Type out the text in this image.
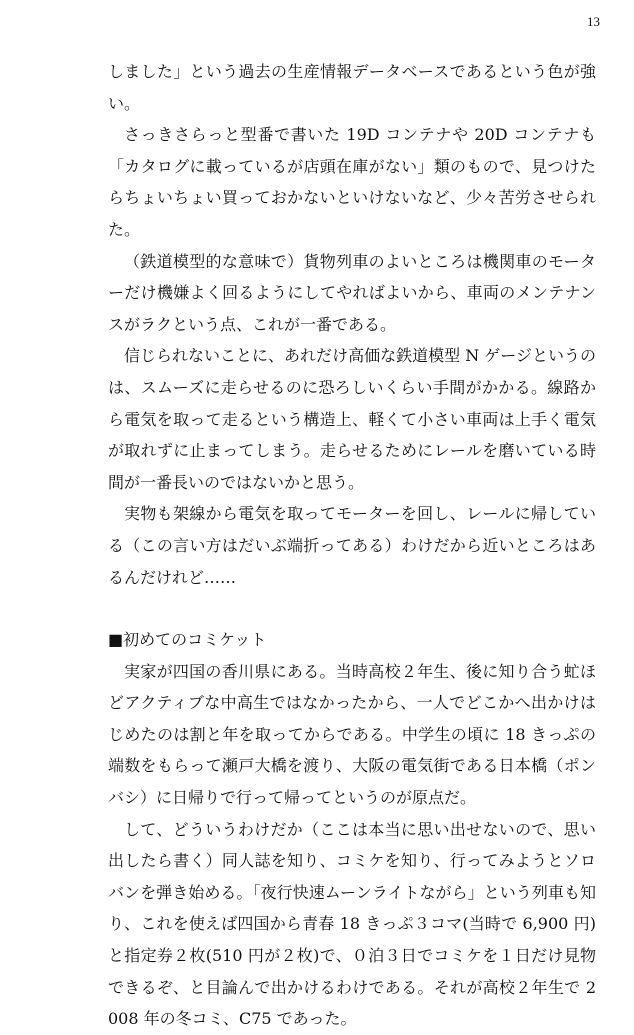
13

しました」という過去の生産情報データベースであるという色が強い。

さっきさらっと型番で書いた 19D コンテナや 20D コンテナも「カタログに載っているが店頭在庫がない」類のもので、見つけたらちょいちょい買っておかないといけないなど、少々苦労させられた。

（鉄道模型的な意味で）貨物列車のよいところは機関車のモーターだけ機嫌よく回るようにしてやればよいから、車両のメンテナンスがラクという点、これが一番である。

信じられないことに、あれだけ高価な鉄道模型 N ゲージというのは、スムーズに走らせるのに恐ろしいくらい手間がかかる。線路から電気を取って走るという構造上、軽くて小さい車両は上手く電気が取れずに止まってしまう。走らせるためにレールを磨いている時間が一番長いのではないかと思う。

実物も架線から電気を取ってモーターを回し、レールに帰している（この言い方はだいぶ端折ってある）わけだから近いところはあるんだけれど……

■初めてのコミケット

実家が四国の香川県にある。当時高校２年生、後に知り合う虻ほどアクティブな中高生ではなかったから、一人でどこかへ出かけはじめたのは割と年を取ってからである。中学生の頃に 18 きっぷの端数をもらって瀬戸大橋を渡り、大阪の電気街である日本橋（ポンバシ）に日帰りで行って帰ってというのが原点だ。

して、どういうわけだか（ここは本当に思い出せないので、思い出したら書く）同人誌を知り、コミケを知り、行ってみようとソロバンを弾き始める。「夜行快速ムーンライトながら」という列車も知り、これを使えば四国から青春 18 きっぷ３コマ(当時で 6,900 円)と指定券２枚(510 円が２枚)で、０泊３日でコミケを１日だけ見物できるぞ、と目論んで出かけるわけである。それが高校２年生で 2008 年の冬コミ、C75 であった。
